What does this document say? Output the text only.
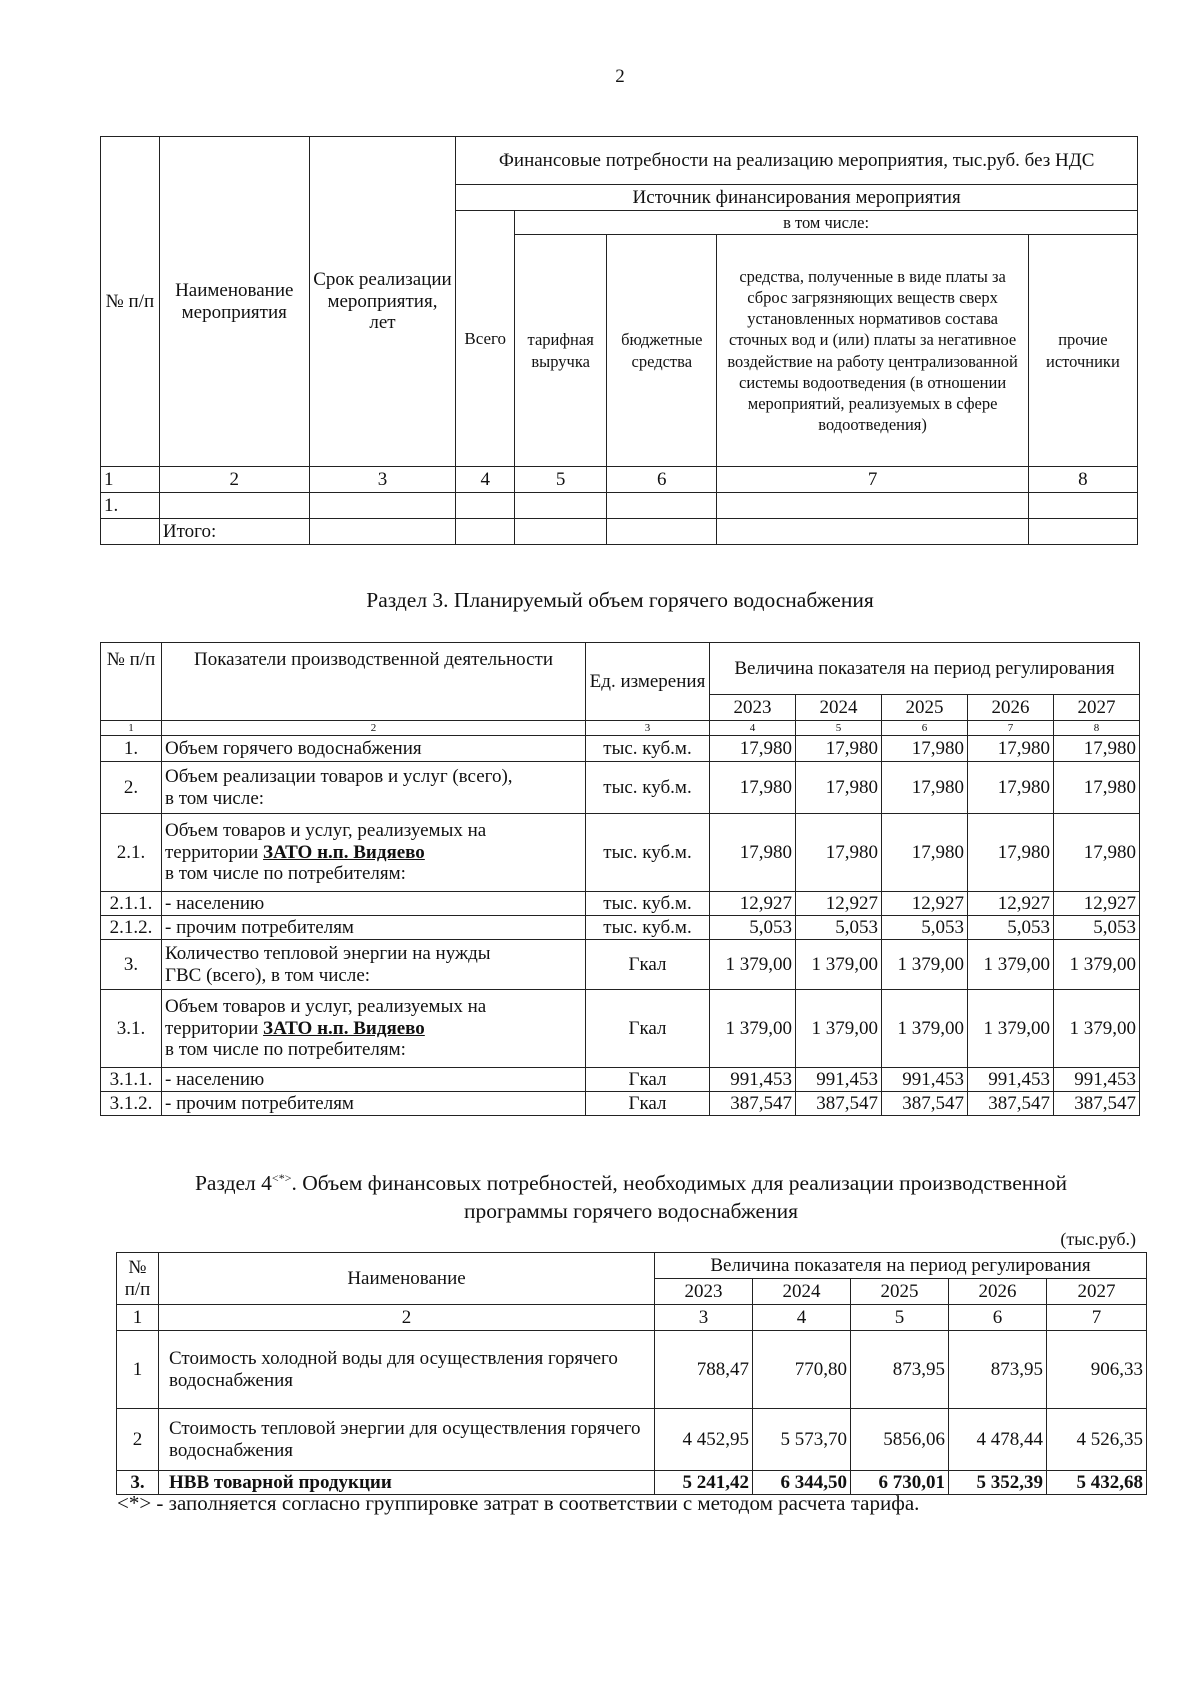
2
№ п/п	Наименование мероприятия	Срок реализации мероприятия, лет	Финансовые потребности на реализацию мероприятия, тыс.руб. без НДС				
			Источник финансирования мероприятия				
			Всего	в том числе:			
				тарифная выручка	бюджетные средства	средства, полученные в виде платы за сброс загрязняющих веществ сверх установленных нормативов состава сточных вод и (или) платы за негативное воздействие на работу централизованной системы водоотведения (в отношении мероприятий, реализуемых в сфере водоотведения)	прочие источники

1	2	3	4	5	6	7	8
1.							
	Итого:						
Раздел 3. Планируемый объем горячего водоснабжения
№ п/п	Показатели производственной деятельности	Ед. измерения	Величина показателя на период регулирования				
			2023	2024	2025	2026	2027
1	2	3	4	5	6	7	8
1.	Объем горячего водоснабжения	тыс. куб.м.	17,980	17,980	17,980	17,980	17,980
2.	Объем реализации товаров и услуг (всего),
в том числе:	тыс. куб.м.	17,980	17,980	17,980	17,980	17,980
2.1.	Объем товаров и услуг, реализуемых на
территории ЗАТО н.п. Видяево
в том числе по потребителям:	тыс. куб.м.	17,980	17,980	17,980	17,980	17,980
2.1.1.	- населению	тыс. куб.м.	12,927	12,927	12,927	12,927	12,927
2.1.2.	- прочим потребителям	тыс. куб.м.	5,053	5,053	5,053	5,053	5,053
3.	Количество тепловой энергии на нужды
ГВС (всего), в том числе:	Гкал	1 379,00	1 379,00	1 379,00	1 379,00	1 379,00
3.1.	Объем товаров и услуг, реализуемых на
территории ЗАТО н.п. Видяево
в том числе по потребителям:	Гкал	1 379,00	1 379,00	1 379,00	1 379,00	1 379,00
3.1.1.	- населению	Гкал	991,453	991,453	991,453	991,453	991,453
3.1.2.	- прочим потребителям	Гкал	387,547	387,547	387,547	387,547	387,547
Раздел 4<*>. Объем финансовых потребностей, необходимых для реализации производственной
программы горячего водоснабжения
(тыс.руб.)
№ п/п	Наименование	Величина показателя на период регулирования				
		2023	2024	2025	2026	2027
1	2	3	4	5	6	7
1	Стоимость холодной воды для осуществления горячего водоснабжения	788,47	770,80	873,95	873,95	906,33
2	Стоимость тепловой энергии для осуществления горячего водоснабжения	4 452,95	5 573,70	5856,06	4 478,44	4 526,35
3.	НВВ товарной продукции	5 241,42	6 344,50	6 730,01	5 352,39	5 432,68
<*> - заполняется согласно группировке затрат в соответствии с методом расчета тарифа.
